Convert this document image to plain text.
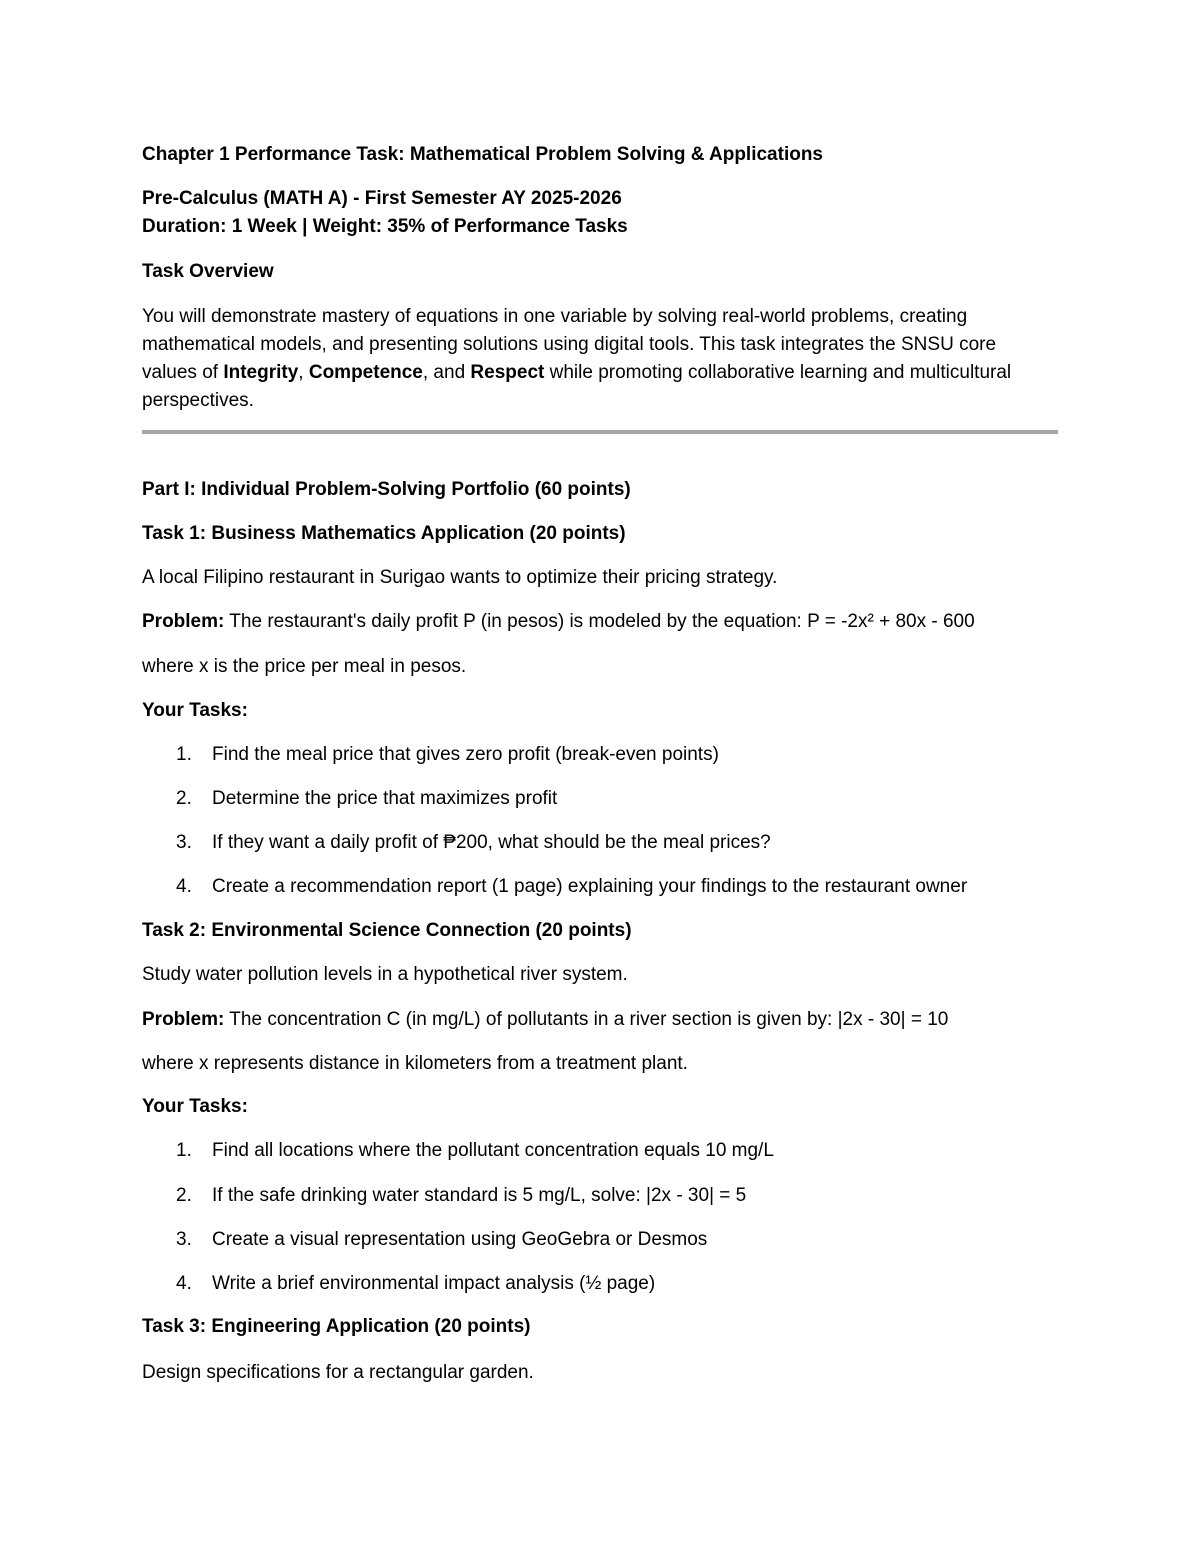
Chapter 1 Performance Task: Mathematical Problem Solving & Applications
Pre-Calculus (MATH A) - First Semester AY 2025-2026
Duration: 1 Week | Weight: 35% of Performance Tasks
Task Overview
You will demonstrate mastery of equations in one variable by solving real-world problems, creating
mathematical models, and presenting solutions using digital tools. This task integrates the SNSU core
values of Integrity, Competence, and Respect while promoting collaborative learning and multicultural
perspectives.
Part I: Individual Problem-Solving Portfolio (60 points)
Task 1: Business Mathematics Application (20 points)
A local Filipino restaurant in Surigao wants to optimize their pricing strategy.
Problem: The restaurant's daily profit P (in pesos) is modeled by the equation: P = -2x² + 80x - 600
where x is the price per meal in pesos.
Your Tasks:
1. Find the meal price that gives zero profit (break-even points)
2. Determine the price that maximizes profit
3. If they want a daily profit of ₱200, what should be the meal prices?
4. Create a recommendation report (1 page) explaining your findings to the restaurant owner
Task 2: Environmental Science Connection (20 points)
Study water pollution levels in a hypothetical river system.
Problem: The concentration C (in mg/L) of pollutants in a river section is given by: |2x - 30| = 10
where x represents distance in kilometers from a treatment plant.
Your Tasks:
1. Find all locations where the pollutant concentration equals 10 mg/L
2. If the safe drinking water standard is 5 mg/L, solve: |2x - 30| = 5
3. Create a visual representation using GeoGebra or Desmos
4. Write a brief environmental impact analysis (½ page)
Task 3: Engineering Application (20 points)
Design specifications for a rectangular garden.
